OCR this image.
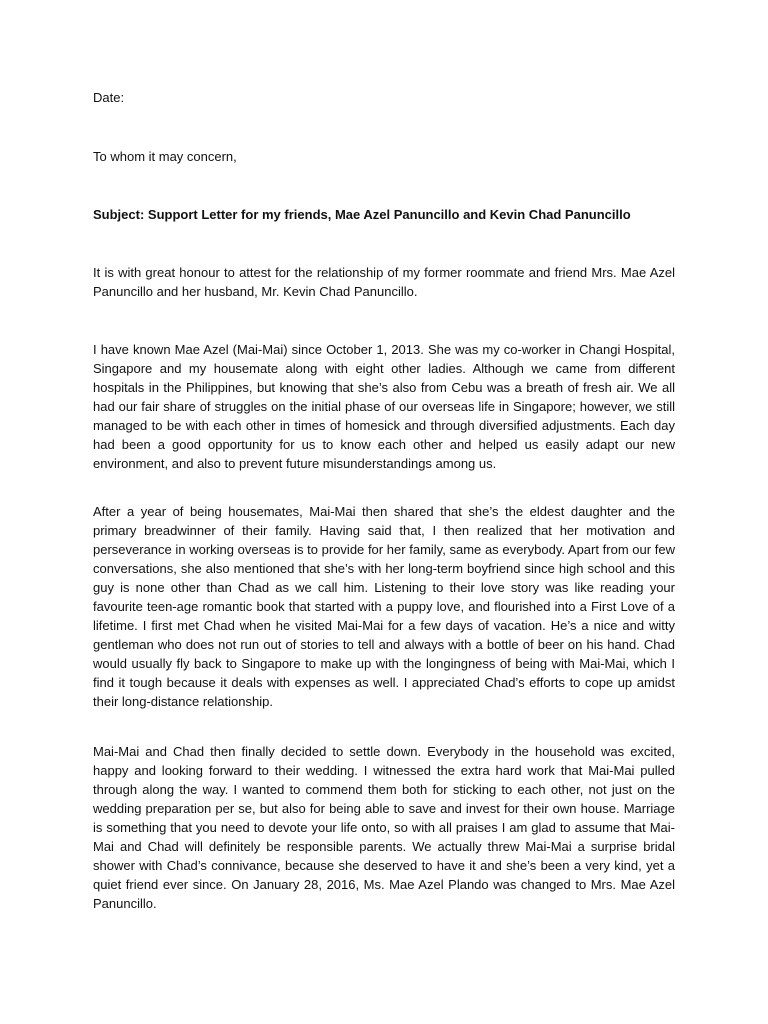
Date:

To whom it may concern,

Subject: Support Letter for my friends, Mae Azel Panuncillo and Kevin Chad Panuncillo

It is with great honour to attest for the relationship of my former roommate and friend Mrs. Mae Azel Panuncillo and her husband, Mr. Kevin Chad Panuncillo.

I have known Mae Azel (Mai-Mai) since October 1, 2013. She was my co-worker in Changi Hospital, Singapore and my housemate along with eight other ladies. Although we came from different hospitals in the Philippines, but knowing that she’s also from Cebu was a breath of fresh air. We all had our fair share of struggles on the initial phase of our overseas life in Singapore; however, we still managed to be with each other in times of homesick and through diversified adjustments. Each day had been a good opportunity for us to know each other and helped us easily adapt our new environment, and also to prevent future misunderstandings among us.

After a year of being housemates, Mai-Mai then shared that she’s the eldest daughter and the primary breadwinner of their family. Having said that, I then realized that her motivation and perseverance in working overseas is to provide for her family, same as everybody. Apart from our few conversations, she also mentioned that she’s with her long-term boyfriend since high school and this guy is none other than Chad as we call him. Listening to their love story was like reading your favourite teen-age romantic book that started with a puppy love, and flourished into a First Love of a lifetime. I first met Chad when he visited Mai-Mai for a few days of vacation. He’s a nice and witty gentleman who does not run out of stories to tell and always with a bottle of beer on his hand. Chad would usually fly back to Singapore to make up with the longingness of being with Mai-Mai, which I find it tough because it deals with expenses as well. I appreciated Chad’s efforts to cope up amidst their long-distance relationship.

Mai-Mai and Chad then finally decided to settle down. Everybody in the household was excited, happy and looking forward to their wedding. I witnessed the extra hard work that Mai-Mai pulled through along the way. I wanted to commend them both for sticking to each other, not just on the wedding preparation per se, but also for being able to save and invest for their own house. Marriage is something that you need to devote your life onto, so with all praises I am glad to assume that Mai-Mai and Chad will definitely be responsible parents. We actually threw Mai-Mai a surprise bridal shower with Chad’s connivance, because she deserved to have it and she’s been a very kind, yet a quiet friend ever since. On January 28, 2016, Ms. Mae Azel Plando was changed to Mrs. Mae Azel Panuncillo.
